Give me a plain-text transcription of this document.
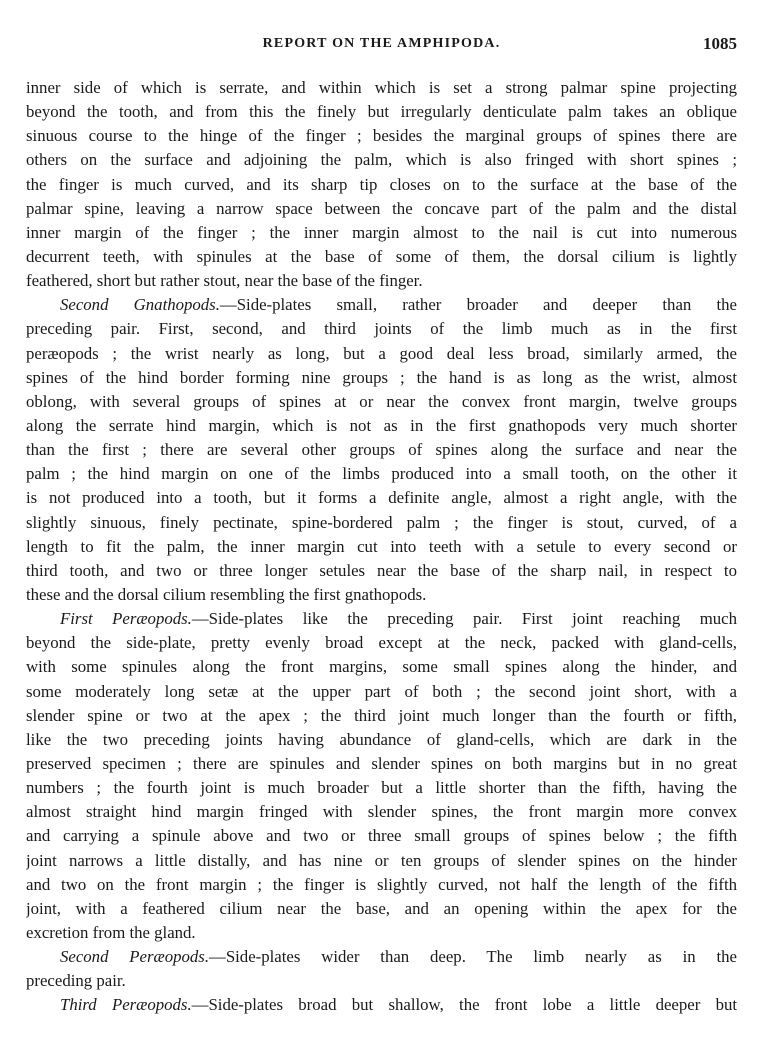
REPORT ON THE AMPHIPODA.	1085
inner side of which is serrate, and within which is set a strong palmar spine projecting
beyond the tooth, and from this the finely but irregularly denticulate palm takes an oblique
sinuous course to the hinge of the finger ; besides the marginal groups of spines there are
others on the surface and adjoining the palm, which is also fringed with short spines ;
the finger is much curved, and its sharp tip closes on to the surface at the base of the
palmar spine, leaving a narrow space between the concave part of the palm and the distal
inner margin of the finger ; the inner margin almost to the nail is cut into numerous
decurrent teeth, with spinules at the base of some of them, the dorsal cilium is lightly
feathered, short but rather stout, near the base of the finger.
Second Gnathopods.—Side-plates small, rather broader and deeper than the
preceding pair. First, second, and third joints of the limb much as in the first
peræopods ; the wrist nearly as long, but a good deal less broad, similarly armed, the
spines of the hind border forming nine groups ; the hand is as long as the wrist, almost
oblong, with several groups of spines at or near the convex front margin, twelve groups
along the serrate hind margin, which is not as in the first gnathopods very much shorter
than the first ; there are several other groups of spines along the surface and near the
palm ; the hind margin on one of the limbs produced into a small tooth, on the other it
is not produced into a tooth, but it forms a definite angle, almost a right angle, with the
slightly sinuous, finely pectinate, spine-bordered palm ; the finger is stout, curved, of a
length to fit the palm, the inner margin cut into teeth with a setule to every second or
third tooth, and two or three longer setules near the base of the sharp nail, in respect to
these and the dorsal cilium resembling the first gnathopods.
First Peræopods.—Side-plates like the preceding pair. First joint reaching much
beyond the side-plate, pretty evenly broad except at the neck, packed with gland-cells,
with some spinules along the front margins, some small spines along the hinder, and
some moderately long setæ at the upper part of both ; the second joint short, with a
slender spine or two at the apex ; the third joint much longer than the fourth or fifth,
like the two preceding joints having abundance of gland-cells, which are dark in the
preserved specimen ; there are spinules and slender spines on both margins but in no great
numbers ; the fourth joint is much broader but a little shorter than the fifth, having the
almost straight hind margin fringed with slender spines, the front margin more convex
and carrying a spinule above and two or three small groups of spines below ; the fifth
joint narrows a little distally, and has nine or ten groups of slender spines on the hinder
and two on the front margin ; the finger is slightly curved, not half the length of the fifth
joint, with a feathered cilium near the base, and an opening within the apex for the
excretion from the gland.
Second Peræopods.—Side-plates wider than deep. The limb nearly as in the
preceding pair.
Third Peræopods.—Side-plates broad but shallow, the front lobe a little deeper but
